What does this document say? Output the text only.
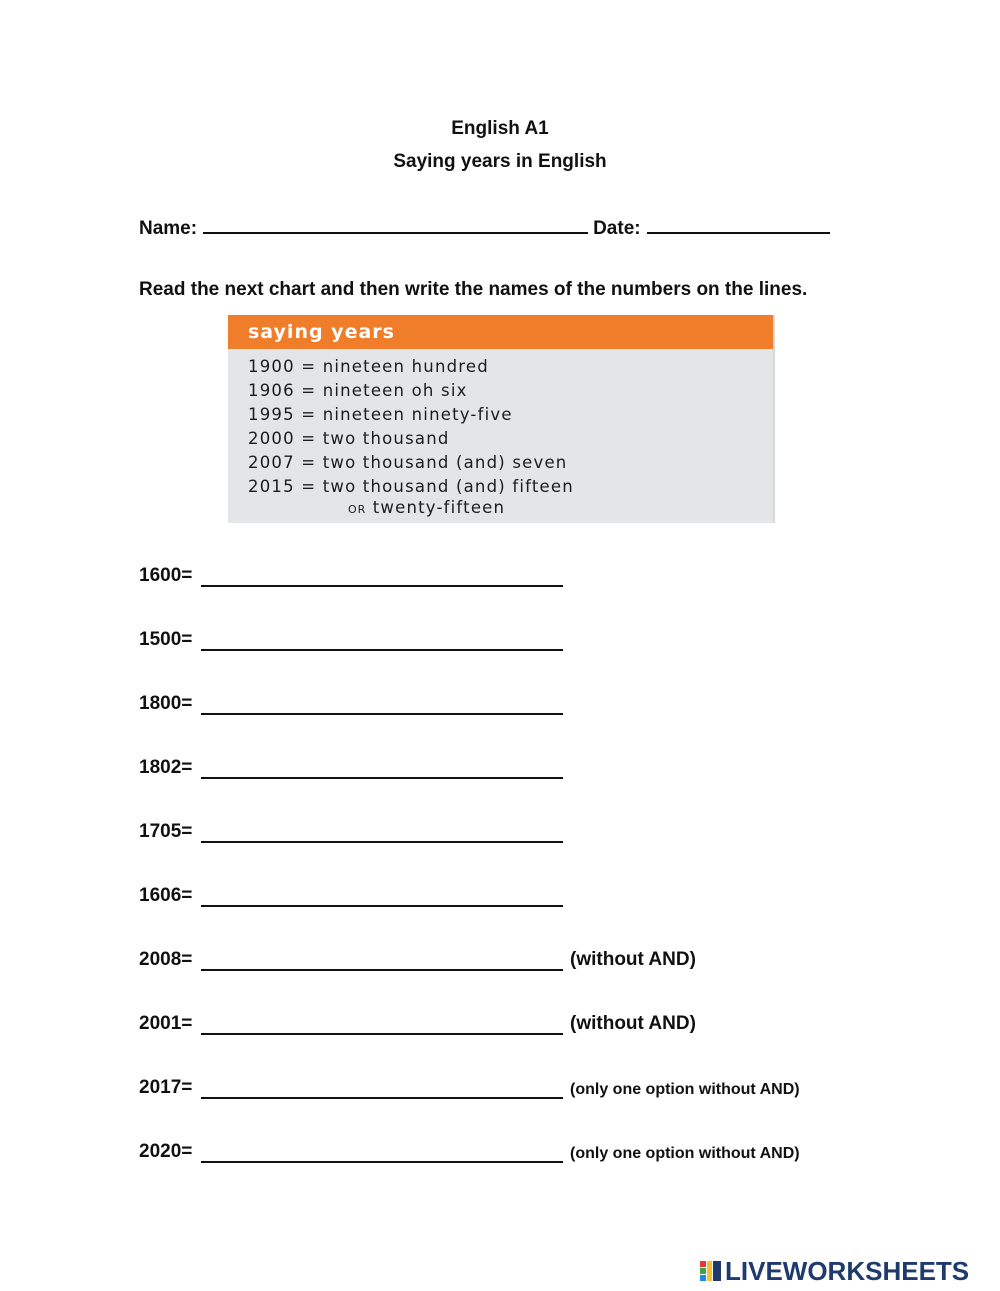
English A1
Saying years in English
Name:	Date:
Read the next chart and then write the names of the numbers on the lines.
saying years
1900 = nineteen hundred
1906 = nineteen oh six
1995 = nineteen ninety-five
2000 = two thousand
2007 = two thousand (and) seven
2015 = two thousand (and) fifteen
OR twenty-fifteen
1600=
1500=
1800=
1802=
1705=
1606=
2008=	(without AND)
2001=	(without AND)
2017=	(only one option without AND)
2020=	(only one option without AND)
LIVEWORKSHEETS
